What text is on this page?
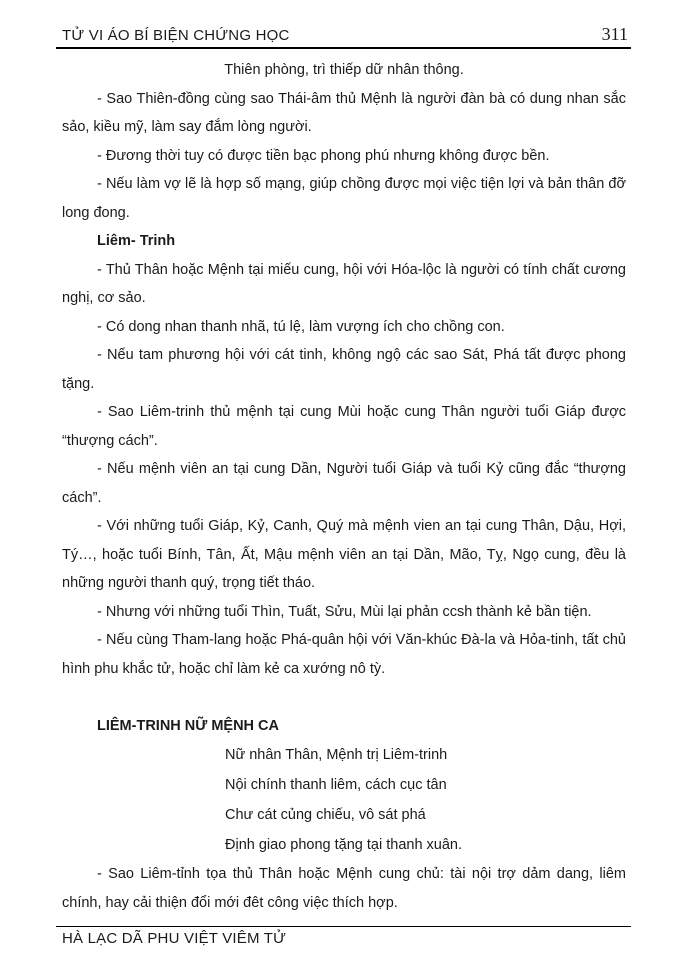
TỬ VI ÁO BÍ BIỆN CHỨNG HỌC	311

Thiên phòng, trì thiếp dữ nhân thông.

- Sao Thiên-đồng cùng sao Thái-âm thủ Mệnh là người đàn bà có dung nhan sắc sảo, kiều mỹ, làm say đắm lòng người.

- Đương thời tuy có được tiền bạc phong phú nhưng không được bền.

- Nếu làm vợ lẽ là hợp số mạng, giúp chồng được mọi việc tiện lợi và bản thân đỡ long đong.

Liêm- Trinh

- Thủ Thân hoặc Mệnh tại miếu cung, hội với Hóa-lộc là người có tính chất cương nghị, cơ sảo.

- Có dong nhan thanh nhã, tú lệ, làm vượng ích cho chồng con.

- Nếu tam phương hội với cát tinh, không ngộ các sao Sát, Phá tất được phong tặng.

- Sao Liêm-trinh thủ mệnh tại cung Mùi hoặc cung Thân người tuổi Giáp được “thượng cách”.

- Nếu mệnh viên an tại cung Dần, Người tuổi Giáp và tuổi Kỷ cũng đắc “thượng cách”.

- Với những tuổi Giáp, Kỷ, Canh, Quý mà mệnh vien an tại cung Thân, Dậu, Hợi, Tý…, hoặc tuổi Bính, Tân, Ất, Mậu mệnh viên an tại Dần, Mão, Tỵ, Ngọ cung, đều là những người thanh quý, trọng tiết tháo.

- Nhưng với những tuổi Thìn, Tuất, Sửu, Mùi lại phản ccsh thành kẻ bần tiện.

- Nếu cùng Tham-lang hoặc Phá-quân hội với Văn-khúc Đà-la và Hỏa-tinh, tất chủ hình phu khắc tử, hoặc chỉ làm kẻ ca xướng nô tỳ.

LIÊM-TRINH NỮ MỆNH CA

Nữ nhân Thân, Mệnh trị Liêm-trinh

Nội chính thanh liêm, cách cục tân

Chư cát củng chiếu, vô sát phá

Định giao phong tặng tại thanh xuân.

- Sao Liêm-tỉnh tọa thủ Thân hoặc Mệnh cung chủ: tài nội trợ dảm dang, liêm chính, hay cải thiện đổi mới đêt công việc thích hợp.

HÀ LẠC DÃ PHU VIỆT VIÊM TỬ
